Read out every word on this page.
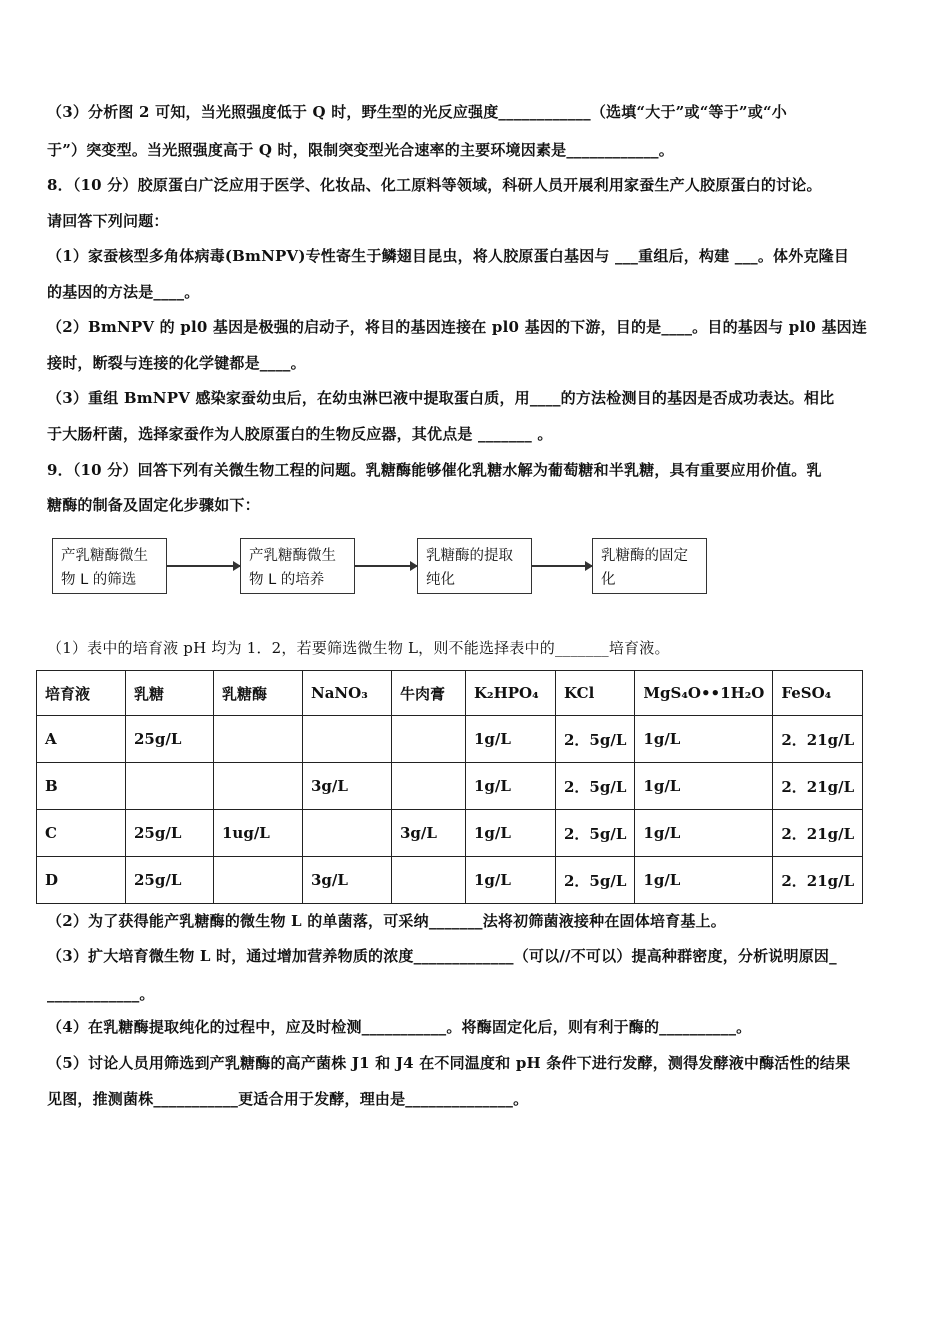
（3）分析图 2 可知，当光照强度低于 Q 时，野生型的光反应强度____________（选填“大于”或“等于”或“小
于”）突变型。当光照强度高于 Q 时，限制突变型光合速率的主要环境因素是____________。
8．（10 分）胶原蛋白广泛应用于医学、化妆品、化工原料等领域，科研人员开展利用家蚕生产人胶原蛋白的讨论。
请回答下列问题：
（1）家蚕核型多角体病毒(BmNPV)专性寄生于鳞翅目昆虫，将人胶原蛋白基因与 ___重组后，构建 ___。体外克隆目
的基因的方法是____。
（2）BmNPV 的 pl0 基因是极强的启动子，将目的基因连接在 pl0 基因的下游，目的是____。目的基因与 pl0 基因连
接时，断裂与连接的化学键都是____。
（3）重组 BmNPV 感染家蚕幼虫后，在幼虫淋巴液中提取蛋白质，用____的方法检测目的基因是否成功表达。相比
于大肠杆菌，选择家蚕作为人胶原蛋白的生物反应器，其优点是 _______ 。
9．（10 分）回答下列有关微生物工程的问题。乳糖酶能够催化乳糖水解为葡萄糖和半乳糖，具有重要应用价值。乳
糖酶的制备及固定化步骤如下：
产乳糖酶微生
物 L 的筛选
产乳糖酶微生
物 L 的培养
乳糖酶的提取
纯化
乳糖酶的固定
化
（1）表中的培育液 pH 均为 1．2，若要筛选微生物 L，则不能选择表中的_______培育液。
培育液	乳糖	乳糖酶	NaNO₃	牛肉膏	K₂HPO₄	KCl	MgS₄O••1H₂O	FeSO₄
A	25g/L				1g/L	2．5g/L	1g/L	2．21g/L
B			3g/L		1g/L	2．5g/L	1g/L	2．21g/L
C	25g/L	1ug/L		3g/L	1g/L	2．5g/L	1g/L	2．21g/L
D	25g/L		3g/L		1g/L	2．5g/L	1g/L	2．21g/L
（2）为了获得能产乳糖酶的微生物 L 的单菌落，可采纳_______法将初筛菌液接种在固体培育基上。
（3）扩大培育微生物 L 时，通过增加营养物质的浓度_____________（可以//不可以）提高种群密度，分析说明原因_
____________。
（4）在乳糖酶提取纯化的过程中，应及时检测___________。将酶固定化后，则有利于酶的__________。
（5）讨论人员用筛选到产乳糖酶的高产菌株 J1 和 J4 在不同温度和 pH 条件下进行发酵，测得发酵液中酶活性的结果
见图，推测菌株___________更适合用于发酵，理由是______________。
